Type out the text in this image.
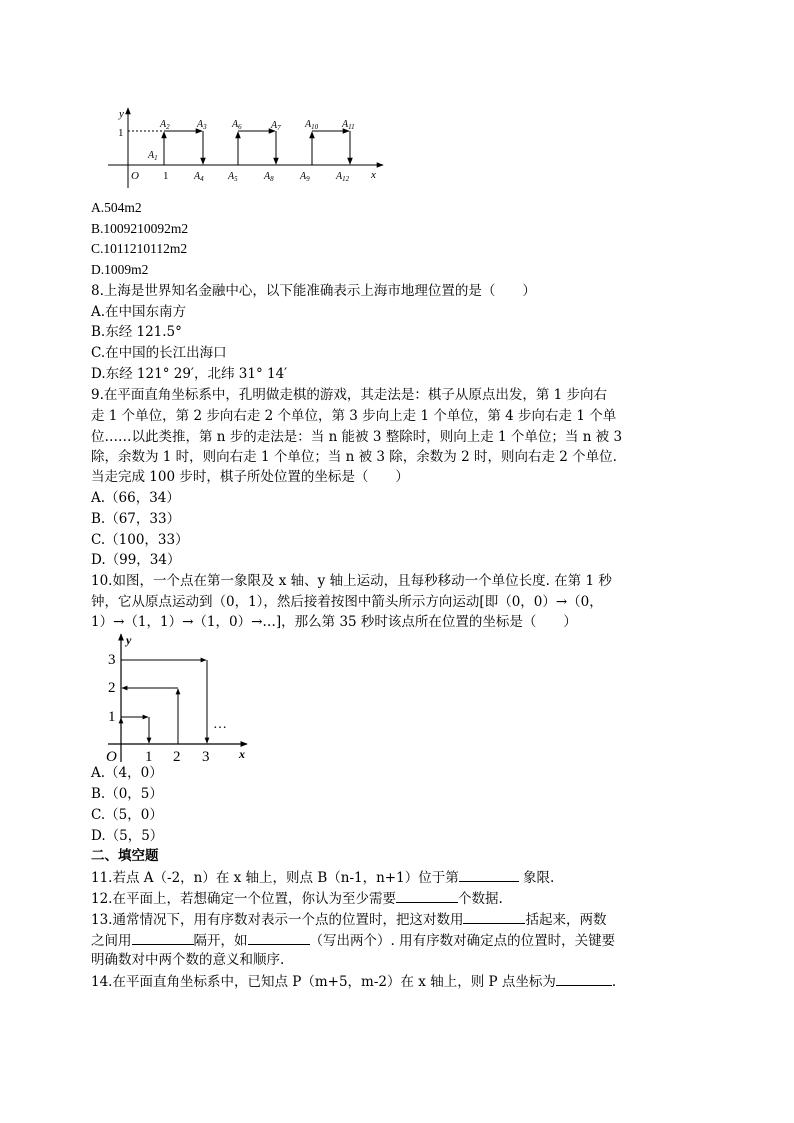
y
x
O
1
1
$A_1$
$A_2$	$A_3$
$A_4$ $A_5$
$A_6$	$A_7$
$A_8$	$A_9$
$A_{10}$ $A_{11}$
$A_{12}$
A.504m2
B.1009210092m2
C.1011210112m2
D.1009m2
8.上海是世界知名金融中心，以下能准确表示上海市地理位置的是（　　）
A.在中国东南方
B.东经 121.5°
C.在中国的长江出海口
D.东经 121° 29′，北纬 31° 14′
9.在平面直角坐标系中，孔明做走棋的游戏，其走法是：棋子从原点出发，第 1 步向右
走 1 个单位，第 2 步向右走 2 个单位，第 3 步向上走 1 个单位，第 4 步向右走 1 个单
位……以此类推，第 n 步的走法是：当 n 能被 3 整除时，则向上走 1 个单位；当 n 被 3
除，余数为 1 时，则向右走 1 个单位；当 n 被 3 除，余数为 2 时，则向右走 2 个单位.
当走完成 100 步时，棋子所处位置的坐标是（　　）
A.（66，34）
B.（67，33）
C.（100，33）
D.（99，34）
10.如图，一个点在第一象限及 x 轴、y 轴上运动，且每秒移动一个单位长度. 在第 1 秒
钟，它从原点运动到（0，1），然后接着按图中箭头所示方向运动[即（0，0）→（0，
1）→（1，1）→（1，0）→…]，那么第 35 秒时该点所在位置的坐标是（　　）
y
x
O
1
2
3
1 2 3
…
A.（4，0）
B.（0，5）
C.（5，0）
D.（5，5）
二、填空题
11.若点 A（-2，n）在 x 轴上，则点 B（n-1，n+1）位于第	象限.
12.在平面上，若想确定一个位置，你认为至少需要	个数据.
13.通常情况下，用有序数对表示一个点的位置时，把这对数用	括起来，两数
之间用	隔开，如	（写出两个）. 用有序数对确定点的位置时，关键要
明确数对中两个数的意义和顺序.
14.在平面直角坐标系中，已知点 P（m+5，m-2）在 x 轴上，则 P 点坐标为	.
